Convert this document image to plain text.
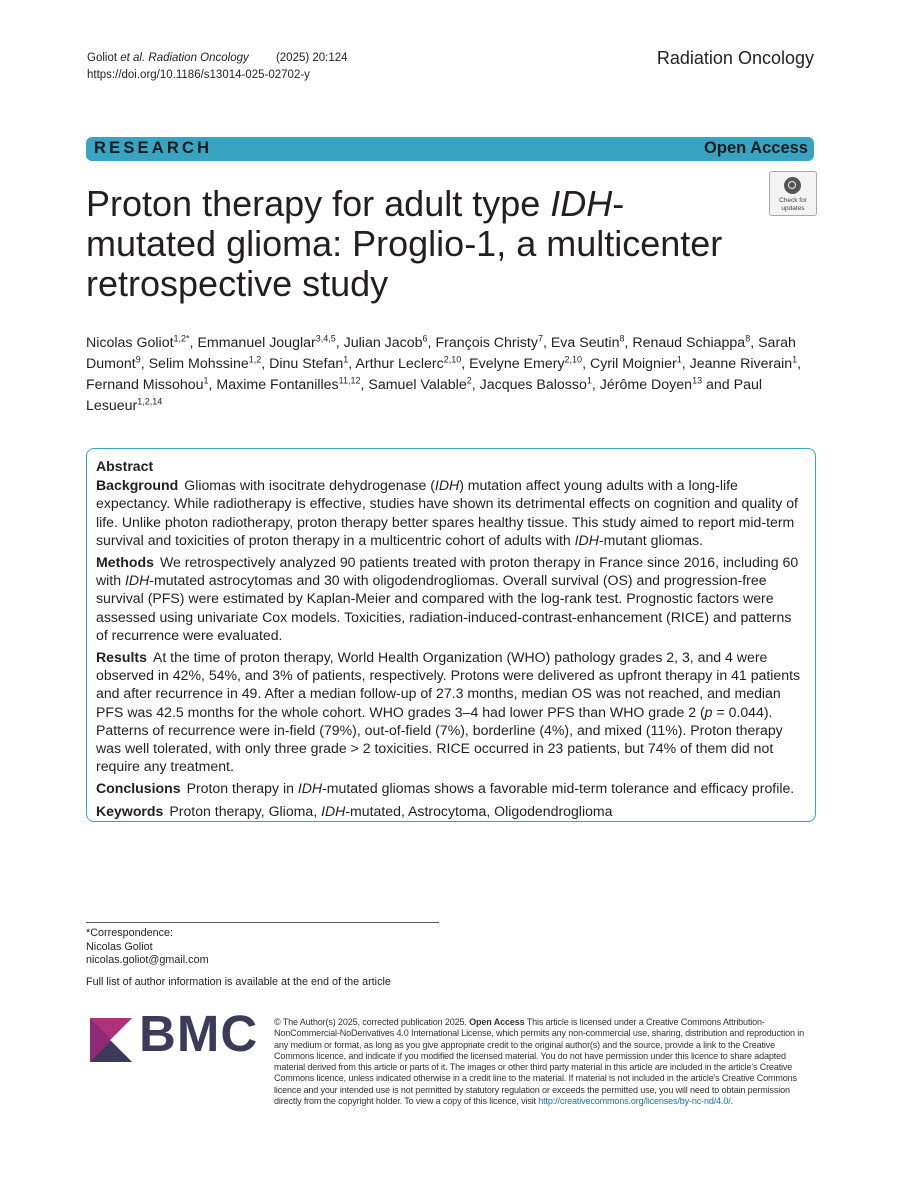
Goliot et al. Radiation Oncology (2025) 20:124
https://doi.org/10.1186/s13014-025-02702-y
Radiation Oncology
RESEARCH	Open Access
Proton therapy for adult type IDH-mutated glioma: Proglio-1, a multicenter retrospective study
Check for
updates
Nicolas Goliot$^{1,2*}$, Emmanuel Jouglar$^{3,4,5}$, Julian Jacob$^6$, François Christy$^7$, Eva Seutin$^8$, Renaud Schiappa$^8$, Sarah Dumont$^9$, Selim Mohssine$^{1,2}$, Dinu Stefan$^1$, Arthur Leclerc$^{2,10}$, Evelyne Emery$^{2,10}$, Cyril Moignier$^1$, Jeanne Riverain$^1$, Fernand Missohou$^1$, Maxime Fontanilles$^{11,12}$, Samuel Valable$^2$, Jacques Balosso$^1$, Jérôme Doyen$^{13}$ and Paul Lesueur$^{1,2,14}$
Abstract

Background Gliomas with isocitrate dehydrogenase (IDH) mutation affect young adults with a long-life expectancy. While radiotherapy is effective, studies have shown its detrimental effects on cognition and quality of life. Unlike photon radiotherapy, proton therapy better spares healthy tissue. This study aimed to report mid-term survival and toxicities of proton therapy in a multicentric cohort of adults with IDH-mutant gliomas.

Methods We retrospectively analyzed 90 patients treated with proton therapy in France since 2016, including 60 with IDH-mutated astrocytomas and 30 with oligodendrogliomas. Overall survival (OS) and progression-free survival (PFS) were estimated by Kaplan-Meier and compared with the log-rank test. Prognostic factors were assessed using univariate Cox models. Toxicities, radiation-induced-contrast-enhancement (RICE) and patterns of recurrence were evaluated.

Results At the time of proton therapy, World Health Organization (WHO) pathology grades 2, 3, and 4 were observed in 42%, 54%, and 3% of patients, respectively. Protons were delivered as upfront therapy in 41 patients and after recurrence in 49. After a median follow-up of 27.3 months, median OS was not reached, and median PFS was 42.5 months for the whole cohort. WHO grades 3–4 had lower PFS than WHO grade 2 (p = 0.044). Patterns of recurrence were in-field (79%), out-of-field (7%), borderline (4%), and mixed (11%). Proton therapy was well tolerated, with only three grade > 2 toxicities. RICE occurred in 23 patients, but 74% of them did not require any treatment.

Conclusions Proton therapy in IDH-mutated gliomas shows a favorable mid-term tolerance and efficacy profile.

Keywords Proton therapy, Glioma, IDH-mutated, Astrocytoma, Oligodendroglioma

*Correspondence:
Nicolas Goliot
nicolas.goliot@gmail.com
Full list of author information is available at the end of the article
BMC © The Author(s) 2025, corrected publication 2025. Open Access This article is licensed under a Creative Commons Attribution-NonCommercial-NoDerivatives 4.0 International License, which permits any non-commercial use, sharing, distribution and reproduction in any medium or format, as long as you give appropriate credit to the original author(s) and the source, provide a link to the Creative Commons licence, and indicate if you modified the licensed material. You do not have permission under this licence to share adapted material derived from this article or parts of it. The images or other third party material in this article are included in the article's Creative Commons licence, unless indicated otherwise in a credit line to the material. If material is not included in the article's Creative Commons licence and your intended use is not permitted by statutory regulation or exceeds the permitted use, you will need to obtain permission directly from the copyright holder. To view a copy of this licence, visit http://creativecommons.org/licenses/by-nc-nd/4.0/.
